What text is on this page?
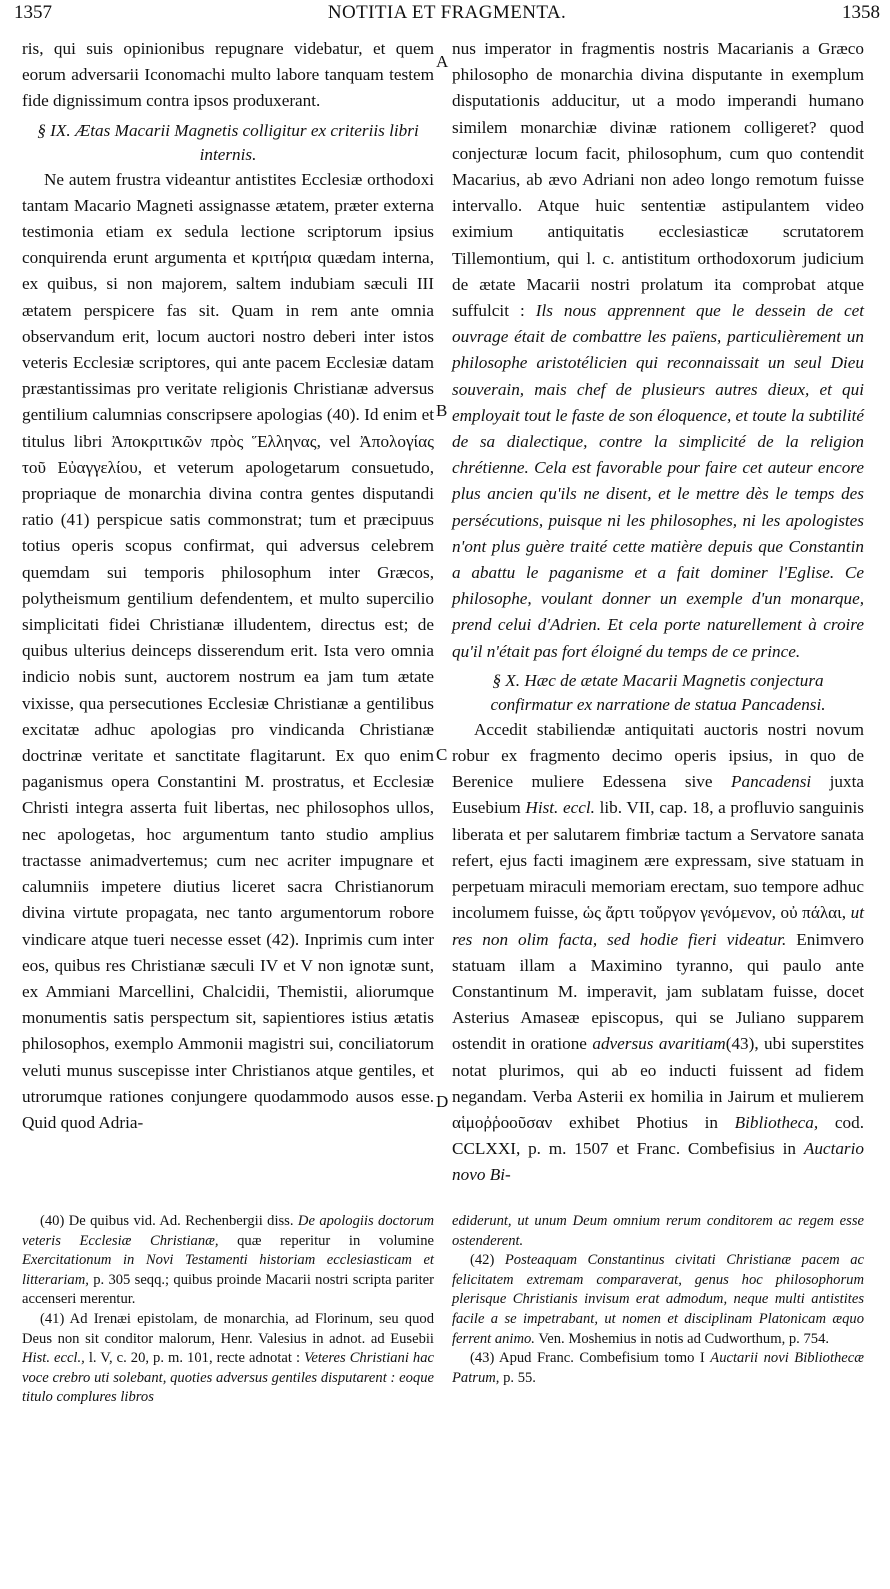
1357	NOTITIA ET FRAGMENTA.	1358
A
B
C
D

ris, qui suis opinionibus repugnare videbatur, et quem eorum adversarii Iconomachi multo labore tanquam testem fide dignissimum contra ipsos produxerant.

§ IX. Ætas Macarii Magnetis colligitur ex criteriis libri internis.

Ne autem frustra videantur antistites Ecclesiæ orthodoxi tantam Macario Magneti assignasse ætatem, præter externa testimonia etiam ex sedula lectione scriptorum ipsius conquirenda erunt argumenta et κριτήρια quædam interna, ex quibus, si non majorem, saltem indubiam sæculi III ætatem perspicere fas sit. Quam in rem ante omnia observandum erit, locum auctori nostro deberi inter istos veteris Ecclesiæ scriptores, qui ante pacem Ecclesiæ datam præstantissimas pro veritate religionis Christianæ adversus gentilium calumnias conscripsere apologias (40). Id enim et titulus libri Ἀποκριτικῶν πρὸς Ἕλληνας, vel Ἀπολογίας τοῦ Εὐαγγελίου, et veterum apologetarum consuetudo, propriaque de monarchia divina contra gentes disputandi ratio (41) perspicue satis commonstrat; tum et præcipuus totius operis scopus confirmat, qui adversus celebrem quemdam sui temporis philosophum inter Græcos, polytheismum gentilium defendentem, et multo supercilio simplicitati fidei Christianæ illudentem, directus est; de quibus ulterius deinceps disserendum erit. Ista vero omnia indicio nobis sunt, auctorem nostrum ea jam tum ætate vixisse, qua persecutiones Ecclesiæ Christianæ a gentilibus excitatæ adhuc apologias pro vindicanda Christianæ doctrinæ veritate et sanctitate flagitarunt. Ex quo enim paganismus opera Constantini M. prostratus, et Ecclesiæ Christi integra asserta fuit libertas, nec philosophos ullos, nec apologetas, hoc argumentum tanto studio amplius tractasse animadvertemus; cum nec acriter impugnare et calumniis impetere diutius liceret sacra Christianorum divina virtute propagata, nec tanto argumentorum robore vindicare atque tueri necesse esset (42). Inprimis cum inter eos, quibus res Christianæ sæculi IV et V non ignotæ sunt, ex Ammiani Marcellini, Chalcidii, Themistii, aliorumque monumentis satis perspectum sit, sapientiores istius ætatis philosophos, exemplo Ammonii magistri sui, conciliatorum veluti munus suscepisse inter Christianos atque gentiles, et utrorumque rationes conjungere quodammodo ausos esse. Quid quod Adria-

nus imperator in fragmentis nostris Macarianis a Græco philosopho de monarchia divina disputante in exemplum disputationis adducitur, ut a modo imperandi humano similem monarchiæ divinæ rationem colligeret? quod conjecturæ locum facit, philosophum, cum quo contendit Macarius, ab ævo Adriani non adeo longo remotum fuisse intervallo. Atque huic sententiæ astipulantem video eximium antiquitatis ecclesiasticæ scrutatorem Tillemontium, qui l. c. antistitum orthodoxorum judicium de ætate Macarii nostri prolatum ita comprobat atque suffulcit : Ils nous apprennent que le dessein de cet ouvrage était de combattre les païens, particulièrement un philosophe aristotélicien qui reconnaissait un seul Dieu souverain, mais chef de plusieurs autres dieux, et qui employait tout le faste de son éloquence, et toute la subtilité de sa dialectique, contre la simplicité de la religion chrétienne. Cela est favorable pour faire cet auteur encore plus ancien qu'ils ne disent, et le mettre dès le temps des persécutions, puisque ni les philosophes, ni les apologistes n'ont plus guère traité cette matière depuis que Constantin a abattu le paganisme et a fait dominer l'Eglise. Ce philosophe, voulant donner un exemple d'un monarque, prend celui d'Adrien. Et cela porte naturellement à croire qu'il n'était pas fort éloigné du temps de ce prince.

§ X. Hæc de ætate Macarii Magnetis conjectura confirmatur ex narratione de statua Pancadensi.

Accedit stabiliendæ antiquitati auctoris nostri novum robur ex fragmento decimo operis ipsius, in quo de Berenice muliere Edessena sive Pancadensi juxta Eusebium Hist. eccl. lib. VII, cap. 18, a profluvio sanguinis liberata et per salutarem fimbriæ tactum a Servatore sanata refert, ejus facti imaginem ære expressam, sive statuam in perpetuam miraculi memoriam erectam, suo tempore adhuc incolumem fuisse, ὡς ἄρτι τοὔργον γενόμενον, οὐ πάλαι, ut res non olim facta, sed hodie fieri videatur. Enimvero statuam illam a Maximino tyranno, qui paulo ante Constantinum M. imperavit, jam sublatam fuisse, docet Asterius Amaseæ episcopus, qui se Juliano supparem ostendit in oratione adversus avaritiam(43), ubi superstites notat plurimos, qui ab eo inducti fuissent ad fidem negandam. Verba Asterii ex homilia in Jairum et mulierem αἱμοῤῥοοῦσαν exhibet Photius in Bibliotheca, cod. CCLXXI, p. m. 1507 et Franc. Combefisius in Auctario novo Bi-

(40) De quibus vid. Ad. Rechenbergii diss. De apologiis doctorum veteris Ecclesiæ Christianæ, quæ reperitur in volumine Exercitationum in Novi Testamenti historiam ecclesiasticam et litterariam, p. 305 seqq.; quibus proinde Macarii nostri scripta pariter accenseri merentur.

(41) Ad Irenæi epistolam, de monarchia, ad Florinum, seu quod Deus non sit conditor malorum, Henr. Valesius in adnot. ad Eusebii Hist. eccl., l. V, c. 20, p. m. 101, recte adnotat : Veteres Christiani hac voce crebro uti solebant, quoties adversus gentiles disputarent : eoque titulo complures libros

ediderunt, ut unum Deum omnium rerum conditorem ac regem esse ostenderent.

(42) Posteaquam Constantinus civitati Christianæ pacem ac felicitatem extremam comparaverat, genus hoc philosophorum plerisque Christianis invisum erat admodum, neque multi antistites facile a se impetrabant, ut nomen et disciplinam Platonicam æquo ferrent animo. Ven. Moshemius in notis ad Cudworthum, p. 754.

(43) Apud Franc. Combefisium tomo I Auctarii novi Bibliothecæ Patrum, p. 55.
